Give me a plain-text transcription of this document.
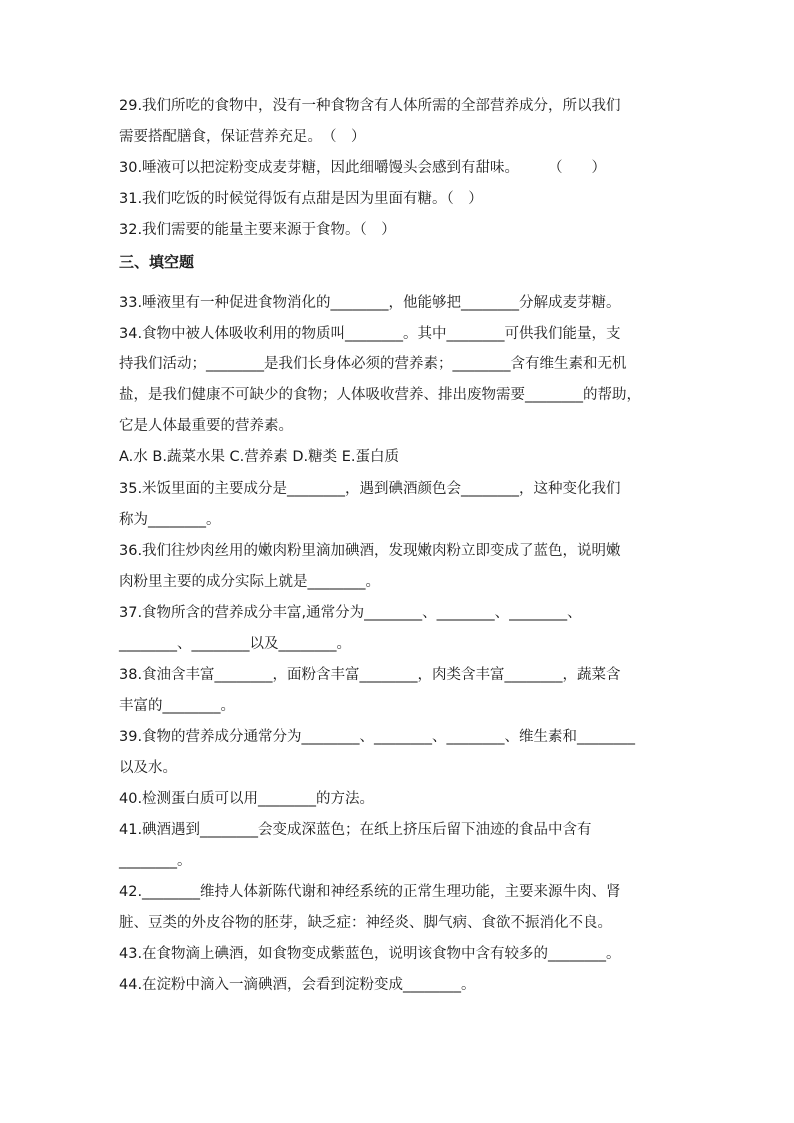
29.我们所吃的食物中，没有一种食物含有人体所需的全部营养成分，所以我们
需要搭配膳食，保证营养充足。　（　）
30.唾液可以把淀粉变成麦芽糖，因此细嚼馒头会感到有甜味。　　　（　　）
31.我们吃饭的时候觉得饭有点甜是因为里面有糖。（　）
32.我们需要的能量主要来源于食物。（　）
三、填空题
33.唾液里有一种促进食物消化的________，他能够把________分解成麦芽糖。
34.食物中被人体吸收利用的物质叫________。其中________可供我们能量，支
持我们活动；________是我们长身体必须的营养素；________含有维生素和无机
盐，是我们健康不可缺少的食物；人体吸收营养、排出废物需要________的帮助，
它是人体最重要的营养素。
A.水 B.蔬菜水果 C.营养素 D.糖类 E.蛋白质
35.米饭里面的主要成分是________，遇到碘酒颜色会________，这种变化我们
称为________。
36.我们往炒肉丝用的嫩肉粉里滴加碘酒，发现嫩肉粉立即变成了蓝色，说明嫩
肉粉里主要的成分实际上就是________。
37.食物所含的营养成分丰富,通常分为________、________、________、
________、________以及________。
38.食油含丰富________，面粉含丰富________，肉类含丰富________，蔬菜含
丰富的________。
39.食物的营养成分通常分为________、________、________、维生素和________
以及水。
40.检测蛋白质可以用________的方法。
41.碘酒遇到________会变成深蓝色；在纸上挤压后留下油迹的食品中含有
________。
42.________维持人体新陈代谢和神经系统的正常生理功能，主要来源牛肉、肾
脏、豆类的外皮谷物的胚芽，缺乏症：神经炎、脚气病、食欲不振消化不良。
43.在食物滴上碘酒，如食物变成紫蓝色，说明该食物中含有较多的________。
44.在淀粉中滴入一滴碘酒，会看到淀粉变成________。
